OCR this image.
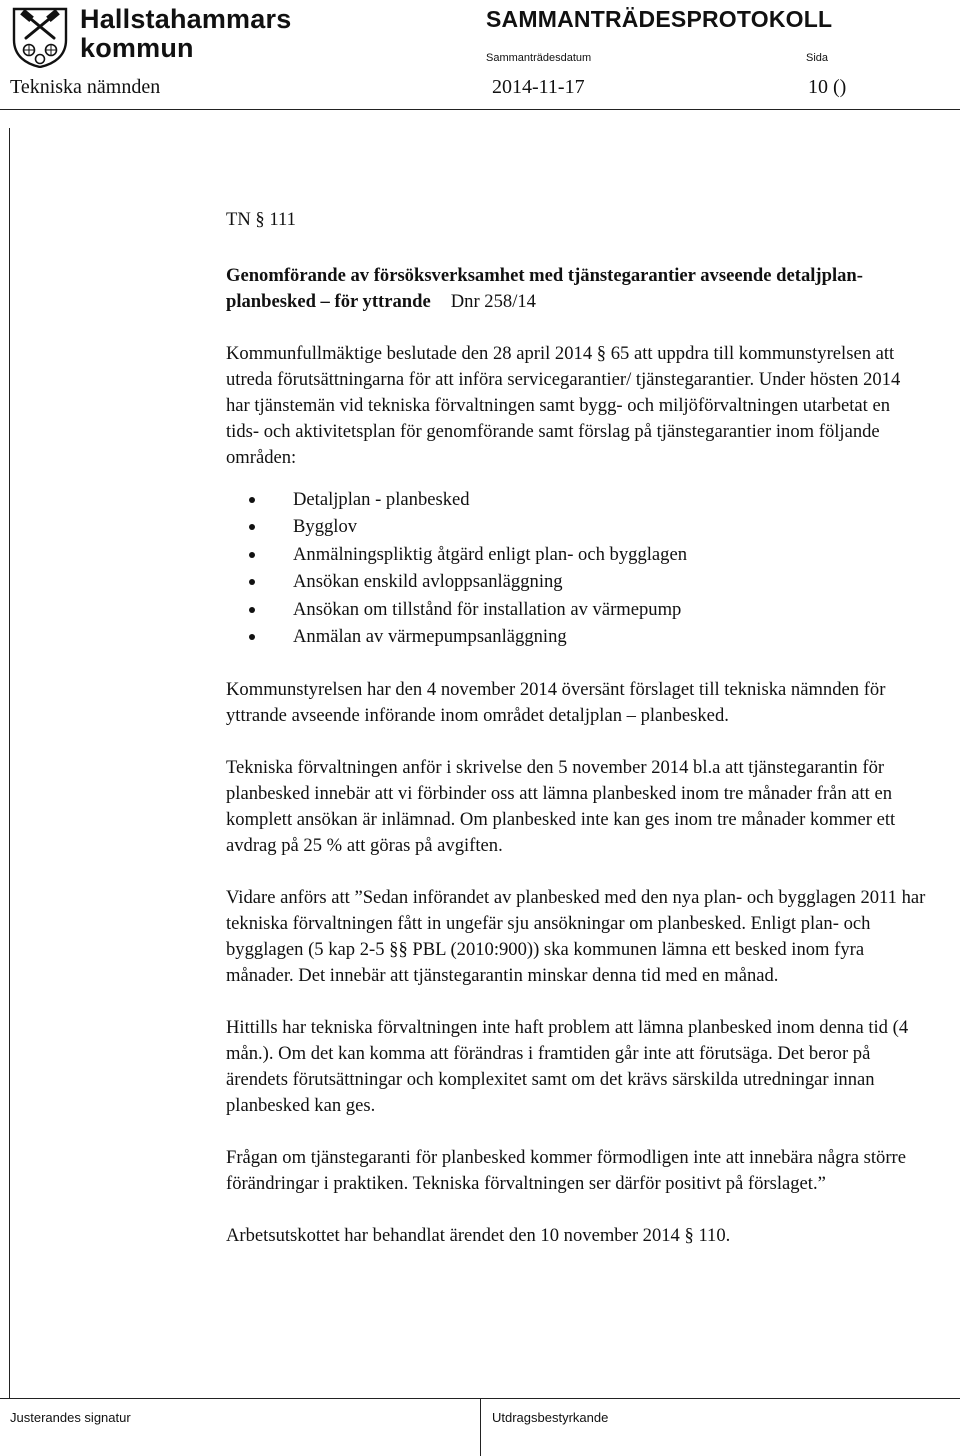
Hallstahammars
kommun
SAMMANTRÄDESPROTOKOLL
Sammanträdesdatum	Sida
Tekniska nämnden	2014-11-17	10 ()

TN § 111

Genomförande av försöksverksamhet med tjänstegarantier avseende detaljplan-planbesked – för yttrande Dnr 258/14

Kommunfullmäktige beslutade den 28 april 2014 § 65 att uppdra till kommunstyrelsen att utreda förutsättningarna för att införa servicegarantier/ tjänstegarantier. Under hösten 2014 har tjänstemän vid tekniska förvaltningen samt bygg- och miljöförvaltningen utarbetat en tids- och aktivitetsplan för genomförande samt förslag på tjänstegarantier inom följande områden:

Detaljplan - planbesked
Bygglov
Anmälningspliktig åtgärd enligt plan- och bygglagen
Ansökan enskild avloppsanläggning
Ansökan om tillstånd för installation av värmepump
Anmälan av värmepumpsanläggning

Kommunstyrelsen har den 4 november 2014 översänt förslaget till tekniska nämnden för yttrande avseende införande inom området detaljplan – planbesked.

Tekniska förvaltningen anför i skrivelse den 5 november 2014 bl.a att tjänstegarantin för planbesked innebär att vi förbinder oss att lämna planbesked inom tre månader från att en komplett ansökan är inlämnad. Om planbesked inte kan ges inom tre månader kommer ett avdrag på 25 % att göras på avgiften.

Vidare anförs att ”Sedan införandet av planbesked med den nya plan- och bygglagen 2011 har tekniska förvaltningen fått in ungefär sju ansökningar om planbesked. Enligt plan- och bygglagen (5 kap 2-5 §§ PBL (2010:900)) ska kommunen lämna ett besked inom fyra månader. Det innebär att tjänstegarantin minskar denna tid med en månad.

Hittills har tekniska förvaltningen inte haft problem att lämna planbesked inom denna tid (4 mån.). Om det kan komma att förändras i framtiden går inte att förutsäga. Det beror på ärendets förutsättningar och komplexitet samt om det krävs särskilda utredningar innan planbesked kan ges.

Frågan om tjänstegaranti för planbesked kommer förmodligen inte att innebära några större förändringar i praktiken. Tekniska förvaltningen ser därför positivt på förslaget.”

Arbetsutskottet har behandlat ärendet den 10 november 2014 § 110.

Justerandes signatur	Utdragsbestyrkande
